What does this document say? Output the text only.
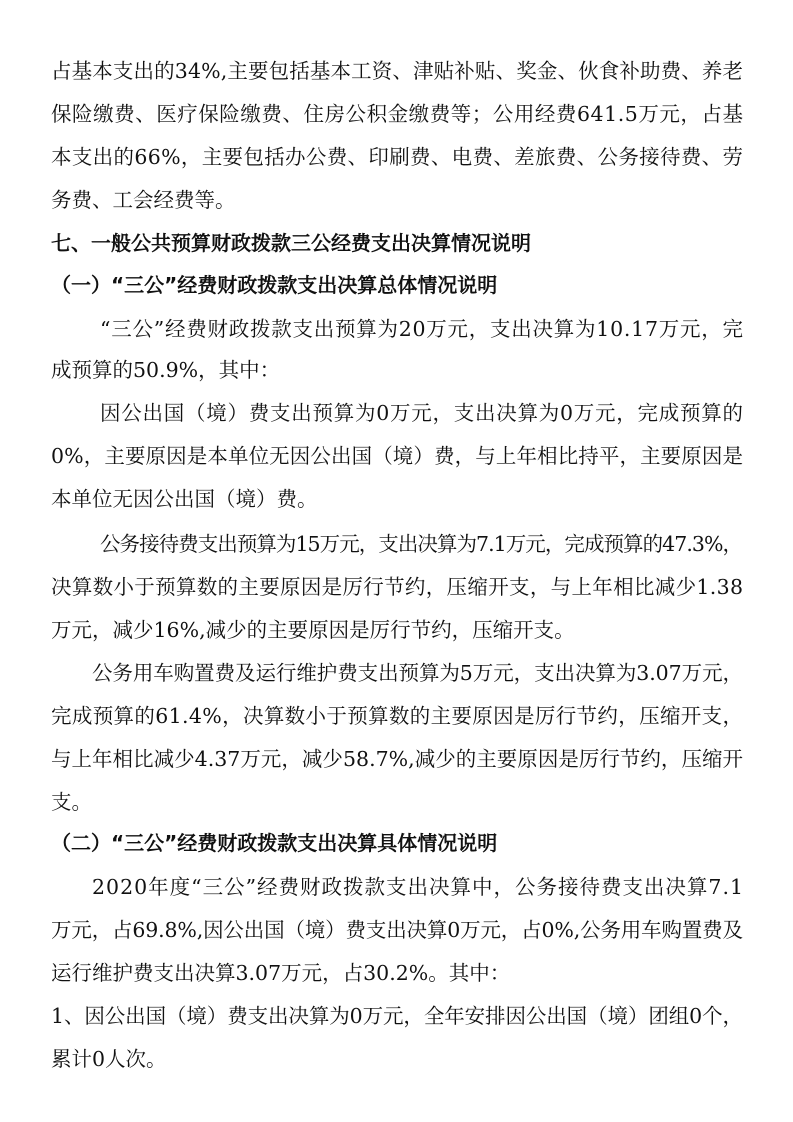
占基本支出的34%,主要包括基本工资、津贴补贴、奖金、伙食补助费、养老
保险缴费、医疗保险缴费、住房公积金缴费等；公用经费641.5万元，占基
本支出的66%，主要包括办公费、印刷费、电费、差旅费、公务接待费、劳
务费、工会经费等。
七、一般公共预算财政拨款三公经费支出决算情况说明
（一）“三公”经费财政拨款支出决算总体情况说明
“三公”经费财政拨款支出预算为20万元，支出决算为10.17万元，完
成预算的50.9%，其中：
因公出国（境）费支出预算为0万元，支出决算为0万元，完成预算的
0%，主要原因是本单位无因公出国（境）费，与上年相比持平，主要原因是
本单位无因公出国（境）费。
公务接待费支出预算为15万元，支出决算为7.1万元，完成预算的47.3%，
决算数小于预算数的主要原因是厉行节约，压缩开支，与上年相比减少1.38
万元，减少16%,减少的主要原因是厉行节约，压缩开支。
公务用车购置费及运行维护费支出预算为5万元，支出决算为3.07万元，
完成预算的61.4%，决算数小于预算数的主要原因是厉行节约，压缩开支，
与上年相比减少4.37万元，减少58.7%,减少的主要原因是厉行节约，压缩开
支。
（二）“三公”经费财政拨款支出决算具体情况说明
2020年度“三公”经费财政拨款支出决算中，公务接待费支出决算7.1
万元，占69.8%,因公出国（境）费支出决算0万元，占0%,公务用车购置费及
运行维护费支出决算3.07万元，占30.2%。其中：
1、因公出国（境）费支出决算为0万元，全年安排因公出国（境）团组0个，
累计0人次。
